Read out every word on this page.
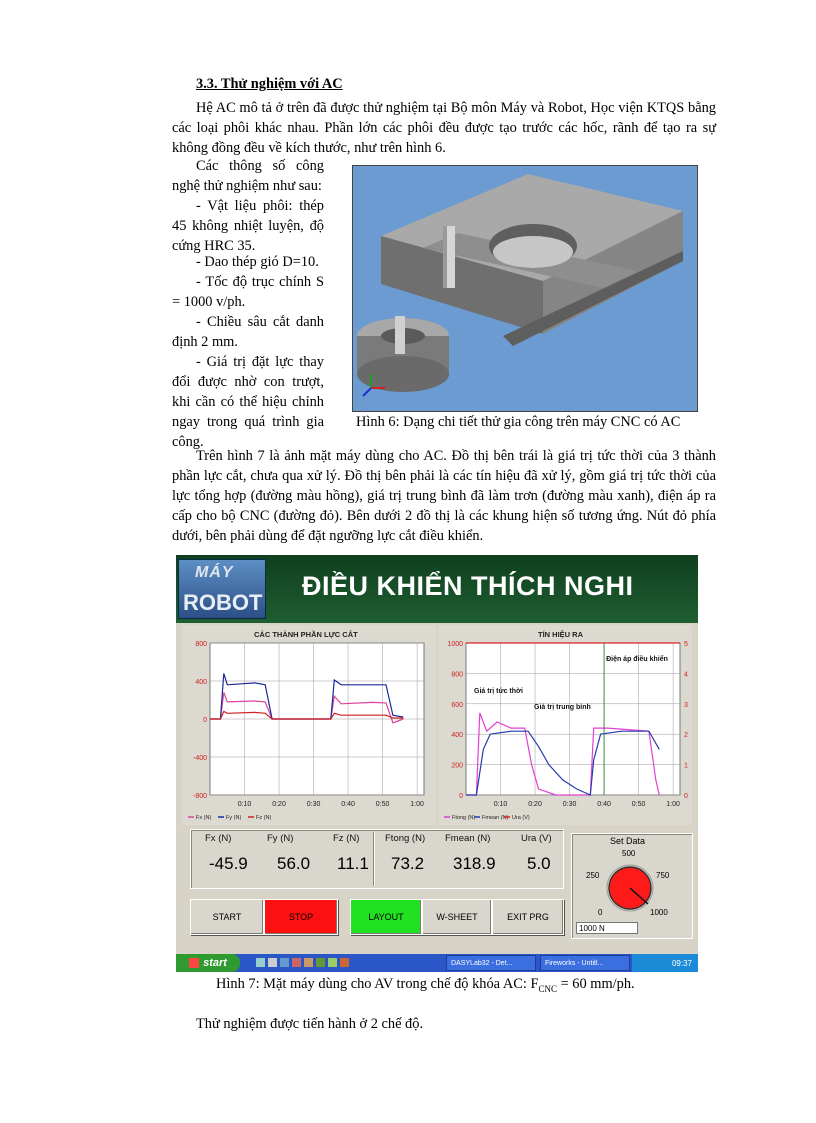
3.3. Thử nghiệm với AC
Hệ AC mô tả ở trên đã được thử nghiệm tại Bộ môn Máy và Robot, Học viện KTQS bằng các loại phôi khác nhau. Phần lớn các phôi đều được tạo trước các hốc, rãnh để tạo ra sự không đồng đều về kích thước, như trên hình 6.
Các thông số công nghệ thử nghiệm như sau:
- Vật liệu phôi: thép 45 không nhiệt luyện, độ cứng HRC 35.
- Dao thép gió D=10.
- Tốc độ trục chính S = 1000 v/ph.
- Chiều sâu cắt danh định 2 mm.
- Giá trị đặt lực thay đổi được nhờ con trượt, khi cần có thể hiệu chỉnh ngay trong quá trình gia công.
Hình 6: Dạng chi tiết thử gia công trên máy CNC có AC
Trên hình 7 là ảnh mặt máy dùng cho AC. Đồ thị bên trái là giá trị tức thời của 3 thành phần lực cắt, chưa qua xử lý. Đồ thị bên phải là các tín hiệu đã xử lý, gồm giá trị tức thời của lực tổng hợp (đường màu hồng), giá trị trung bình đã làm trơn (đường màu xanh), điện áp ra cấp cho bộ CNC (đường đỏ). Bên dưới 2 đồ thị là các khung hiện số tương ứng. Nút đỏ phía dưới, bên phải dùng để đặt ngưỡng lực cắt điều khiển.
MÁY
ROBOT
ĐIỀU KHIỂN THÍCH NGHI
CÁC THÀNH PHẦN LỰC CẮT
800
400
0
-400
-800
0:10	0:20	0:30	0:40	0:50	1:00
Fx (N)	Fy (N)	Fz (N)
TÍN HIỆU RA
1000
800
600
400
200
0
5
4
3
2
1
0
0:10	0:20	0:30	0:40	0:50	1:00
Ftong (N) Fmean (N) Ura (V)
Điện áp điều khiển
Giá trị tức thời
Giá trị trung bình
Fx (N)	Fy (N)	Fz (N)	Ftong (N) Fmean (N)	Ura (V)
-45.9 56.0 11.1 73.2 318.9 5.0
START	STOP	LAYOUT	W-SHEET	EXIT PRG
Set Data
500
250	750
0	1000
1000 N
start	DASYLab32 - Det...	Fireworks - Untitl...	09:37
Hình 7: Mặt máy dùng cho AV trong chế độ khóa AC: $F_{CNC} = 60$ mm/ph.
Thử nghiệm được tiến hành ở 2 chế độ.
